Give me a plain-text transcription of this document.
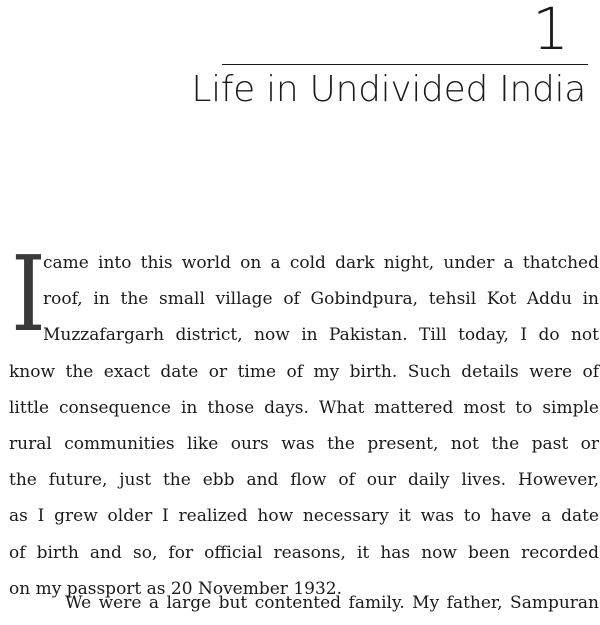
1
Life in Undivided India
I
came into this world on a cold dark night, under a thatched
roof, in the small village of Gobindpura, tehsil Kot Addu in
Muzzafargarh district, now in Pakistan. Till today, I do not
know the exact date or time of my birth. Such details were of
little consequence in those days. What mattered most to simple
rural communities like ours was the present, not the past or
the future, just the ebb and flow of our daily lives. However,
as I grew older I realized how necessary it was to have a date
of birth and so, for official reasons, it has now been recorded
on my passport as 20 November 1932.
We were a large but contented family. My father, Sampuran
